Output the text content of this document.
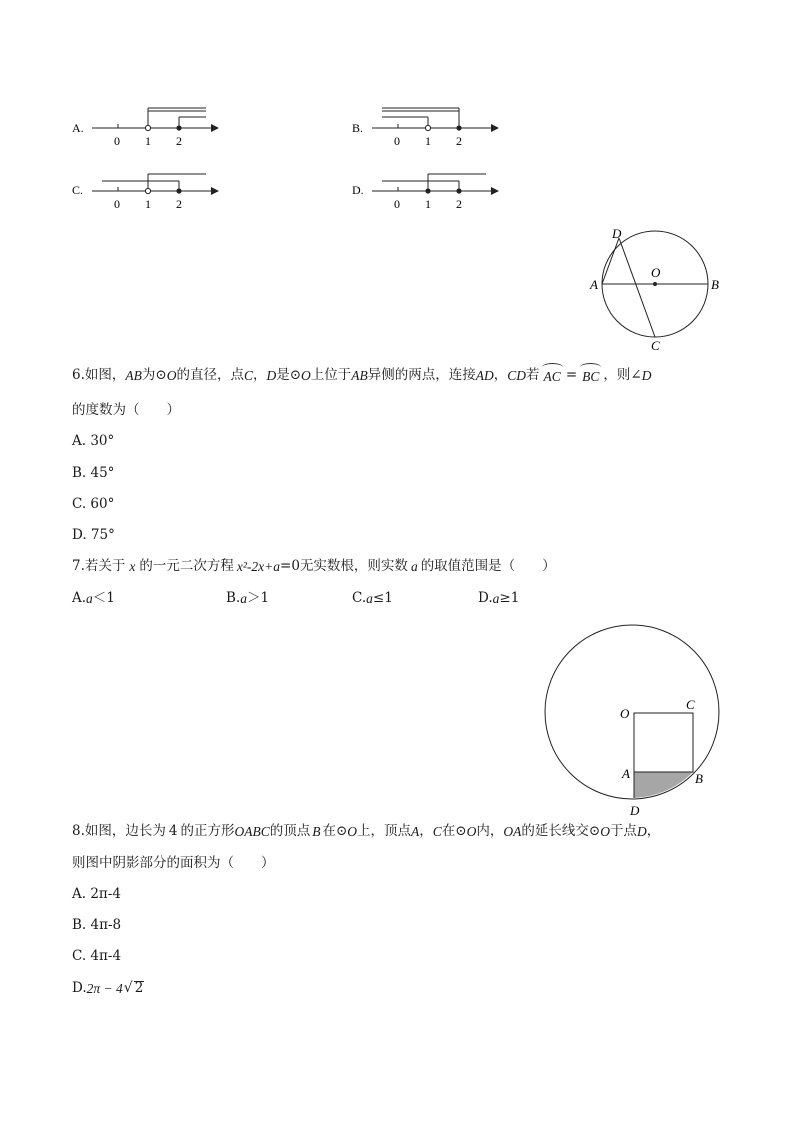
A.
0 1 2
B.
0 1 2
C.
0 1 2
D.
0 1 2
D
O
A	B
C
6. 如图， AB 为⊙ O 的直径，点 C ， D 是⊙ O 上位于 AB 异侧的两点，连接 AD ， CD 若 AC = BC ，则∠ D
的度数为（　　）
A. 30°
B. 45°
C. 60°
D. 75°
7. 若关于 x 的一元二次方程 x²-2x+ a =0 无实数根，则实数 a 的取值范围是（　　）
A. a ＜1	B. a ＞1	C. a ≤1	D. a ≥1
O
C
A	B
D
8. 如图，边长为 4 的正方形 OABC 的顶点 B 在⊙ O 上，顶点 A ， C 在⊙ O 内， OA 的延长线交⊙ O 于点 D ，
则图中阴影部分的面积为（　　）
A. 2π-4
B. 4π-8
C. 4π-4
D. 2π − 4 √ 2
